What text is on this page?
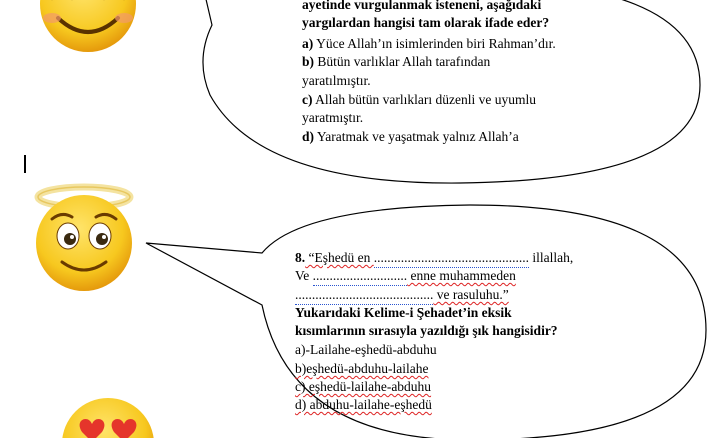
ayetinde vurgulanmak isteneni, aşağıdaki
yargılardan hangisi tam olarak ifade eder?
a) Yüce Allah’ın isimlerinden biri Rahman’dır.
b) Bütün varlıklar Allah tarafından
yaratılmıştır.
c) Allah bütün varlıkları düzenli ve uyumlu
yaratmıştır.
d) Yaratmak ve yaşatmak yalnız Allah’a
8. “Eşhedü en .............................................. illallah,
Ve ............................ enne muhammeden
......................................... ve rasuluhu.”
Yukarıdaki Kelime-i Şehadet’in eksik
kısımlarının sırasıyla yazıldığı şık hangisidir?
a)-Lailahe-eşhedü-abduhu
b)eşhedü-abduhu-lailahe
c) eşhedü-lailahe-abduhu
d) abduhu-lailahe-eşhedü
